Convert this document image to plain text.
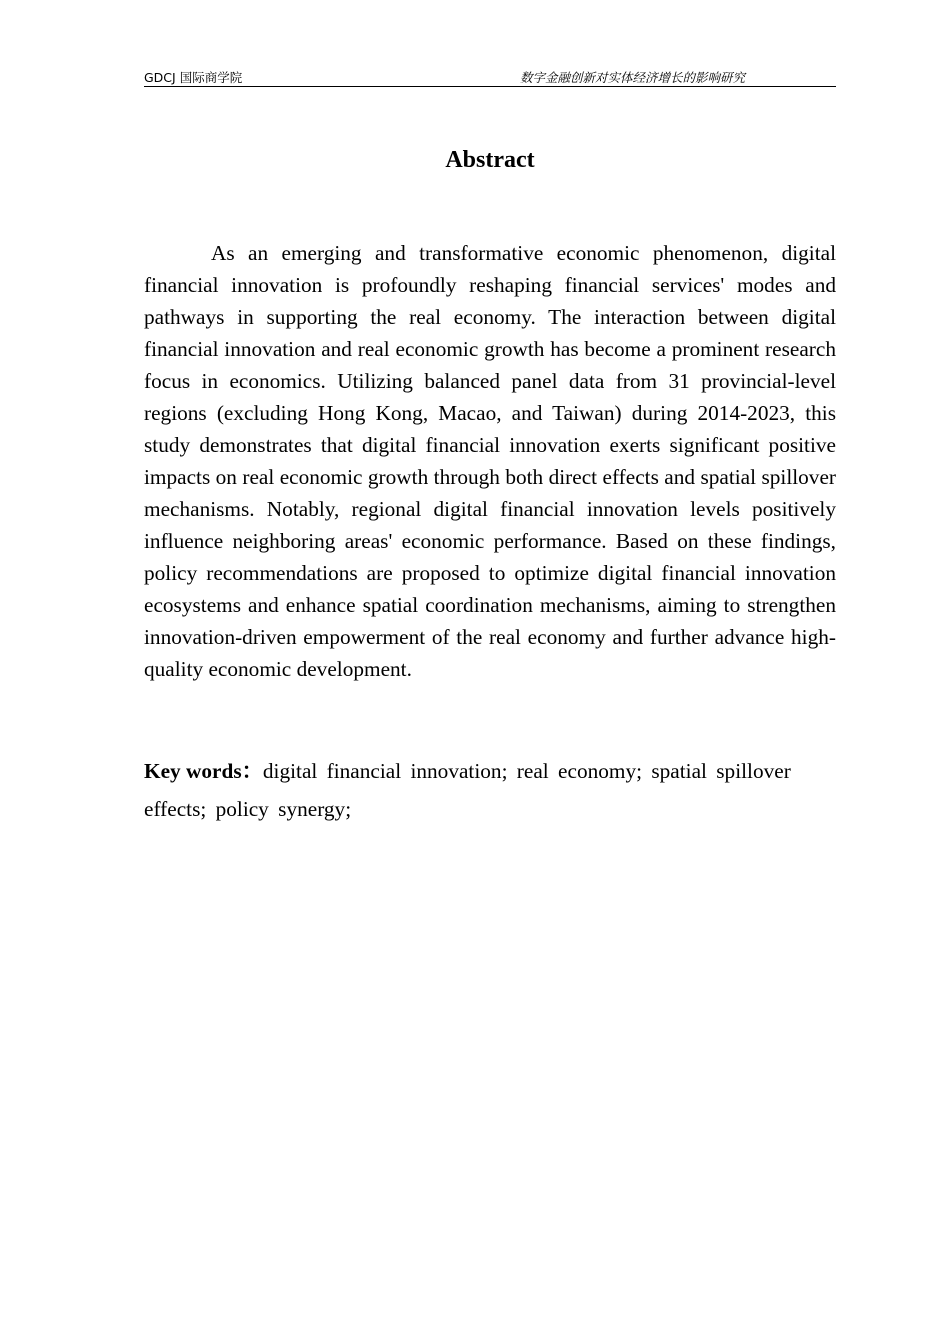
GDCJ 国际商学院	数字金融创新对实体经济增长的影响研究
Abstract

As an emerging and transformative economic phenomenon, digital financial innovation is profoundly reshaping financial services' modes and pathways in supporting the real economy. The interaction between digital financial innovation and real economic growth has become a prominent research focus in economics. Utilizing balanced panel data from 31 provincial-level regions (excluding Hong Kong, Macao, and Taiwan) during 2014-2023, this study demonstrates that digital financial innovation exerts significant positive impacts on real economic growth through both direct effects and spatial spillover mechanisms. Notably, regional digital financial innovation levels positively influence neighboring areas' economic performance. Based on these findings, policy recommendations are proposed to optimize digital financial innovation ecosystems and enhance spatial coordination mechanisms, aiming to strengthen innovation-driven empowerment of the real economy and further advance high-quality economic development.

Key words：digital financial innovation; real economy; spatial spillover effects; policy synergy;
